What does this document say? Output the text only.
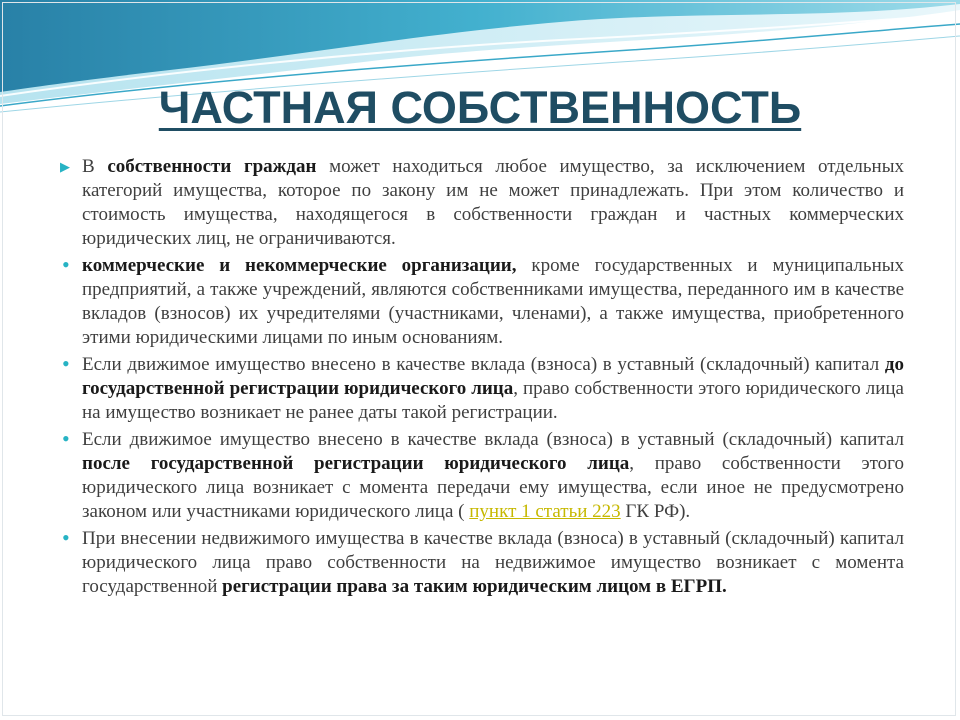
ЧАСТНАЯ СОБСТВЕННОСТЬ
▶ В собственности граждан может находиться любое имущество, за исключением отдельных категорий имущества, которое по закону им не может принадлежать. При этом количество и стоимость имущества, находящегося в собственности граждан и частных коммерческих юридических лиц, не ограничиваются.
• коммерческие и некоммерческие организации, кроме государственных и муниципальных предприятий, а также учреждений, являются собственниками имущества, переданного им в качестве вкладов (взносов) их учредителями (участниками, членами), а также имущества, приобретенного этими юридическими лицами по иным основаниям.
• Если движимое имущество внесено в качестве вклада (взноса) в уставный (складочный) капитал до государственной регистрации юридического лица, право собственности этого юридического лица на имущество возникает не ранее даты такой регистрации.
• Если движимое имущество внесено в качестве вклада (взноса) в уставный (складочный) капитал после государственной регистрации юридического лица, право собственности этого юридического лица возникает с момента передачи ему имущества, если иное не предусмотрено законом или участниками юридического лица ( пункт 1 статьи 223 ГК РФ).
• При внесении недвижимого имущества в качестве вклада (взноса) в уставный (складочный) капитал юридического лица право собственности на недвижимое имущество возникает с момента государственной регистрации права за таким юридическим лицом в ЕГРП.
